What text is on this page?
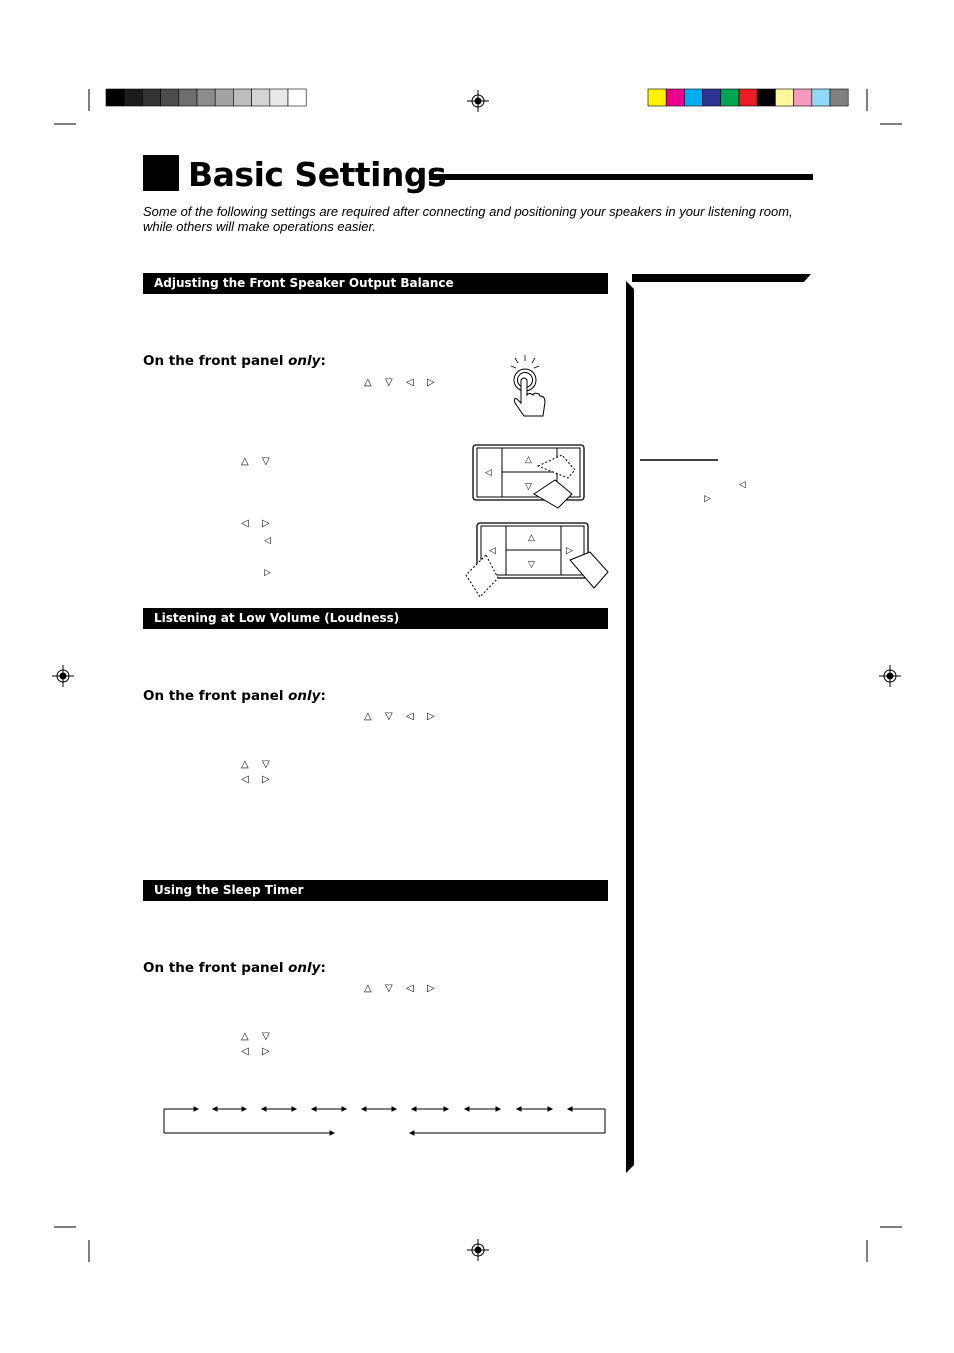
Basic Settings
Some of the following settings are required after connecting and positioning your speakers in your listening room, while others will make operations easier.
Adjusting the Front Speaker Output Balance
On the front panel only:
△ ▽ ◁ ▷
△ ▽
◁ ▷
◁
▷
△
▽
◁
△
▽
◁	▷
Listening at Low Volume (Loudness)
On the front panel only:
△ ▽ ◁ ▷
△ ▽
◁ ▷
Using the Sleep Timer
On the front panel only:
△ ▽ ◁ ▷
△ ▽
◁ ▷
◁
▷
